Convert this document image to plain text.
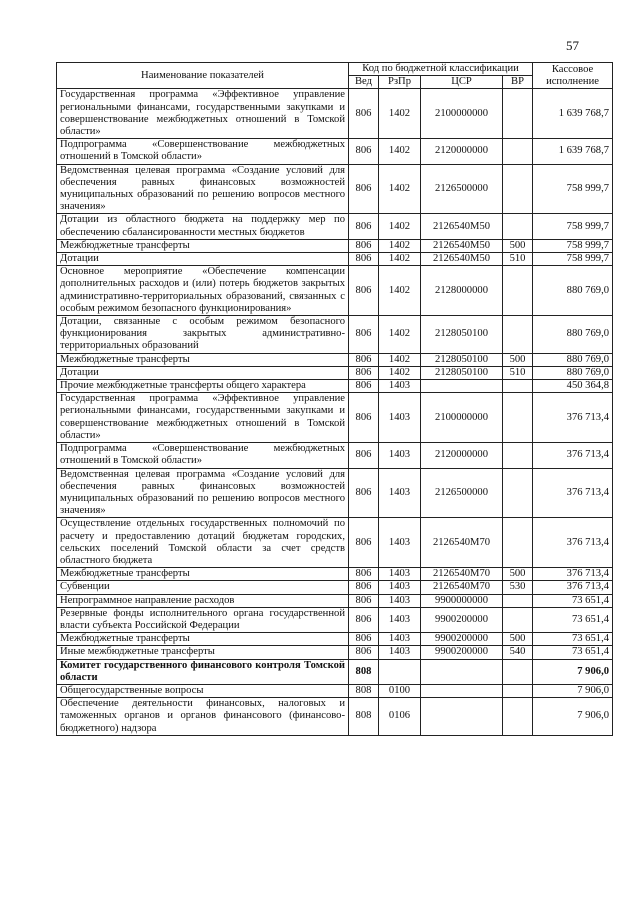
57
Наименование показателей	Код по бюджетной классификации				Кассовое исполнение
	Вед	РзПр	ЦСР	ВР	
Государственная программа «Эффективное управление региональными финансами, государственными закупками и совершенствование межбюджетных отношений в Томской области»	806	1402	2100000000		1 639 768,7
Подпрограмма «Совершенствование межбюджетных отношений в Томской области»	806	1402	2120000000		1 639 768,7
Ведомственная целевая программа «Создание условий для обеспечения равных финансовых возможностей муниципальных образований по решению вопросов местного значения»	806	1402	2126500000		758 999,7
Дотации из областного бюджета на поддержку мер по обеспечению сбалансированности местных бюджетов	806	1402	2126540M50		758 999,7
Межбюджетные трансферты	806	1402	2126540M50	500	758 999,7
Дотации	806	1402	2126540M50	510	758 999,7
Основное мероприятие «Обеспечение компенсации дополнительных расходов и (или) потерь бюджетов закрытых административно-территориальных образований, связанных с особым режимом безопасного функционирования»	806	1402	2128000000		880 769,0
Дотации, связанные с особым режимом безопасного функционирования закрытых административно-территориальных образований	806	1402	2128050100		880 769,0
Межбюджетные трансферты	806	1402	2128050100	500	880 769,0
Дотации	806	1402	2128050100	510	880 769,0
Прочие межбюджетные трансферты общего характера	806	1403			450 364,8
Государственная программа «Эффективное управление региональными финансами, государственными закупками и совершенствование межбюджетных отношений в Томской области»	806	1403	2100000000		376 713,4
Подпрограмма «Совершенствование межбюджетных отношений в Томской области»	806	1403	2120000000		376 713,4
Ведомственная целевая программа «Создание условий для обеспечения равных финансовых возможностей муниципальных образований по решению вопросов местного значения»	806	1403	2126500000		376 713,4
Осуществление отдельных государственных полномочий по расчету и предоставлению дотаций бюджетам городских, сельских поселений Томской области за счет средств областного бюджета	806	1403	2126540M70		376 713,4
Межбюджетные трансферты	806	1403	2126540M70	500	376 713,4
Субвенции	806	1403	2126540M70	530	376 713,4
Непрограммное направление расходов	806	1403	9900000000		73 651,4
Резервные фонды исполнительного органа государственной власти субъекта Российской Федерации	806	1403	9900200000		73 651,4
Межбюджетные трансферты	806	1403	9900200000	500	73 651,4
Иные межбюджетные трансферты	806	1403	9900200000	540	73 651,4
Комитет государственного финансового контроля Томской области	808				7 906,0
Общегосударственные вопросы	808	0100			7 906,0
Обеспечение деятельности финансовых, налоговых и таможенных органов и органов финансового (финансово-бюджетного) надзора	808	0106			7 906,0
